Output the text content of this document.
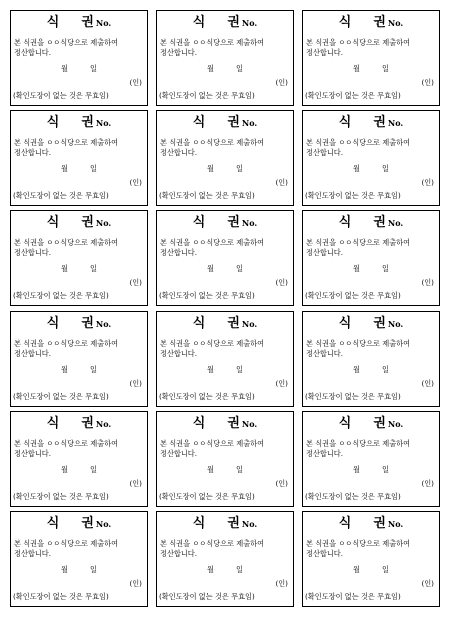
식 권 No.
본 식권을 ㅇㅇ식당으로 제출하여 정산합니다.
월	일
(인)
(확인도장이 없는 것은 무효임)
식 권 No.
본 식권을 ㅇㅇ식당으로 제출하여 정산합니다.
월	일
(인)
(확인도장이 없는 것은 무효임)
식 권 No.
본 식권을 ㅇㅇ식당으로 제출하여 정산합니다.
월	일
(인)
(확인도장이 없는 것은 무효임)
식 권 No.
본 식권을 ㅇㅇ식당으로 제출하여 정산합니다.
월	일
(인)
(확인도장이 없는 것은 무효임)
식 권 No.
본 식권을 ㅇㅇ식당으로 제출하여 정산합니다.
월	일
(인)
(확인도장이 없는 것은 무효임)
식 권 No.
본 식권을 ㅇㅇ식당으로 제출하여 정산합니다.
월	일
(인)
(확인도장이 없는 것은 무효임)
식 권 No.
본 식권을 ㅇㅇ식당으로 제출하여 정산합니다.
월	일
(인)
(확인도장이 없는 것은 무효임)
식 권 No.
본 식권을 ㅇㅇ식당으로 제출하여 정산합니다.
월	일
(인)
(확인도장이 없는 것은 무효임)
식 권 No.
본 식권을 ㅇㅇ식당으로 제출하여 정산합니다.
월	일
(인)
(확인도장이 없는 것은 무효임)
식 권 No.
본 식권을 ㅇㅇ식당으로 제출하여 정산합니다.
월	일
(인)
(확인도장이 없는 것은 무효임)
식 권 No.
본 식권을 ㅇㅇ식당으로 제출하여 정산합니다.
월	일
(인)
(확인도장이 없는 것은 무효임)
식 권 No.
본 식권을 ㅇㅇ식당으로 제출하여 정산합니다.
월	일
(인)
(확인도장이 없는 것은 무효임)
식 권 No.
본 식권을 ㅇㅇ식당으로 제출하여 정산합니다.
월	일
(인)
(확인도장이 없는 것은 무효임)
식 권 No.
본 식권을 ㅇㅇ식당으로 제출하여 정산합니다.
월	일
(인)
(확인도장이 없는 것은 무효임)
식 권 No.
본 식권을 ㅇㅇ식당으로 제출하여 정산합니다.
월	일
(인)
(확인도장이 없는 것은 무효임)
식 권 No.
본 식권을 ㅇㅇ식당으로 제출하여 정산합니다.
월	일
(인)
(확인도장이 없는 것은 무효임)
식 권 No.
본 식권을 ㅇㅇ식당으로 제출하여 정산합니다.
월	일
(인)
(확인도장이 없는 것은 무효임)
식 권 No.
본 식권을 ㅇㅇ식당으로 제출하여 정산합니다.
월	일
(인)
(확인도장이 없는 것은 무효임)
